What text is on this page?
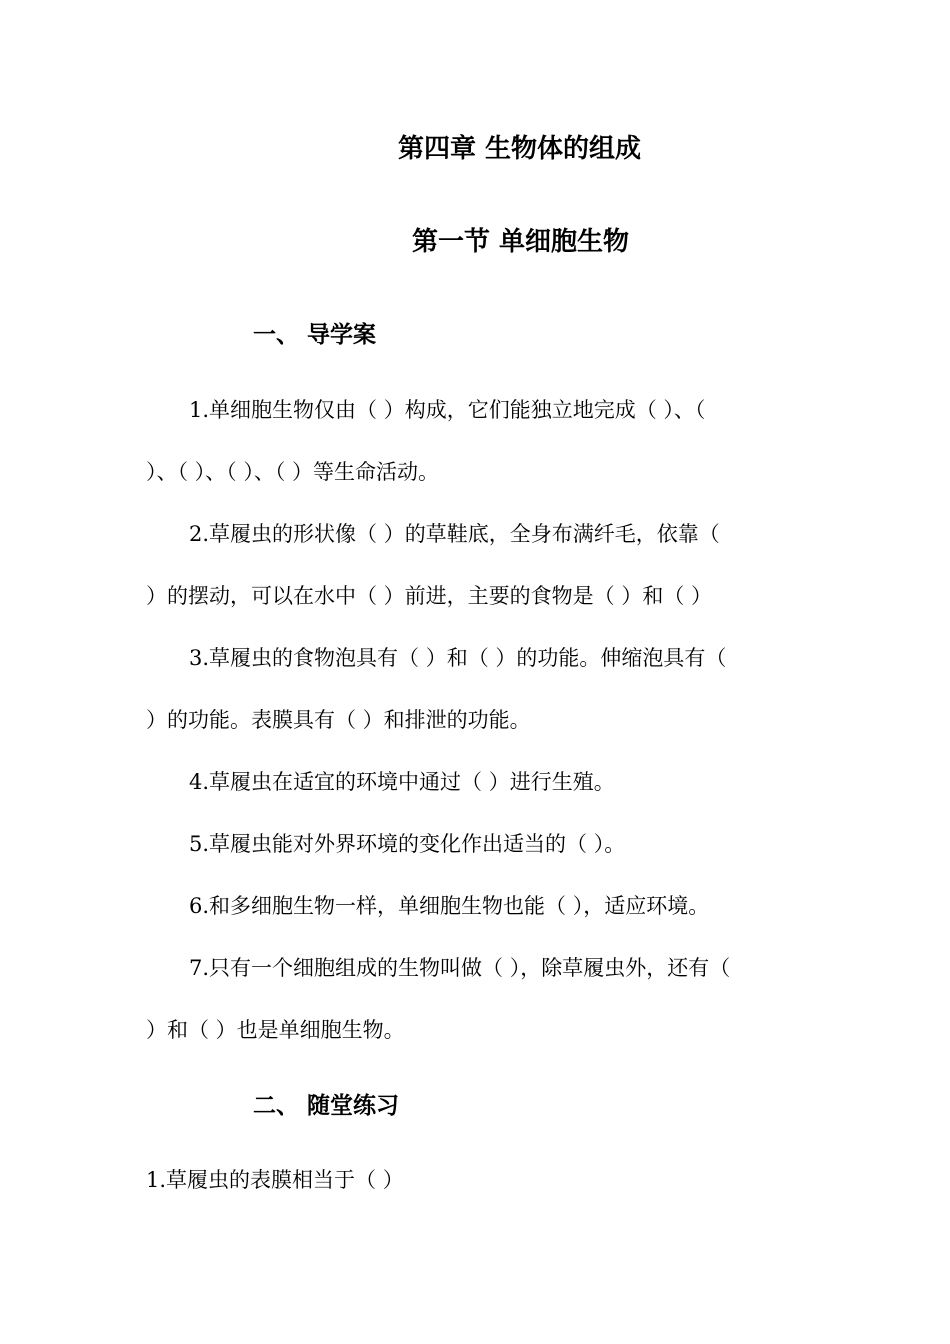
第四章 生物体的组成
第一节 单细胞生物
一、 导学案
1.单细胞生物仅由（ ）构成，它们能独立地完成（ ）、（
）、（ ）、（ ）、（ ）等生命活动。
2.草履虫的形状像（ ）的草鞋底，全身布满纤毛，依靠（
）的摆动，可以在水中（ ）前进，主要的食物是（ ）和（ ）
3.草履虫的食物泡具有（ ）和（ ）的功能。伸缩泡具有（
）的功能。表膜具有（ ）和排泄的功能。
4.草履虫在适宜的环境中通过（ ）进行生殖。
5.草履虫能对外界环境的变化作出适当的（ ）。
6.和多细胞生物一样，单细胞生物也能（ ），适应环境。
7.只有一个细胞组成的生物叫做（ ），除草履虫外，还有（
）和（ ）也是单细胞生物。
二、 随堂练习
1.草履虫的表膜相当于（ ）
